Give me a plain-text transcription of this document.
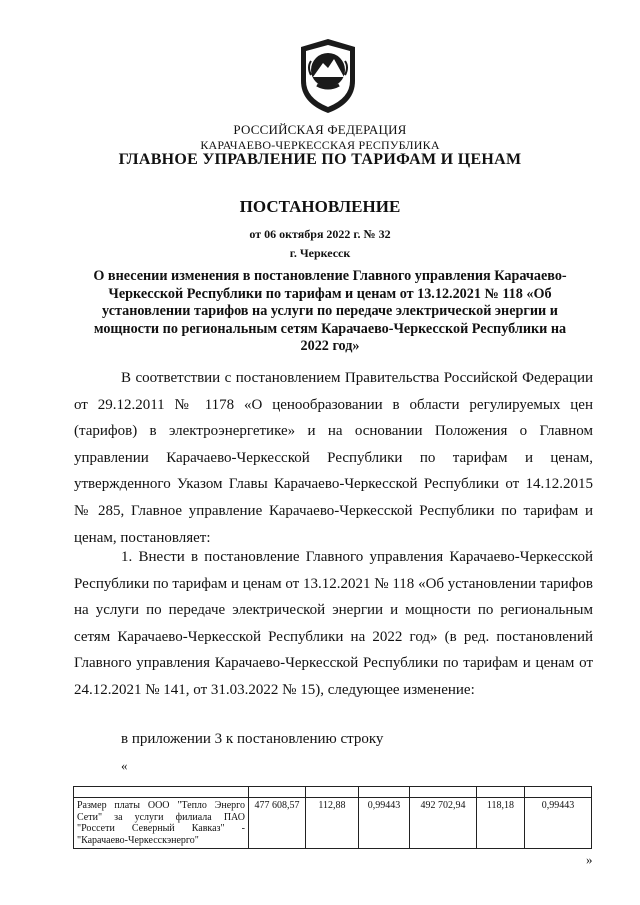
РОССИЙСКАЯ ФЕДЕРАЦИЯ
КАРАЧАЕВО-ЧЕРКЕССКАЯ РЕСПУБЛИКА
ГЛАВНОЕ УПРАВЛЕНИЕ ПО ТАРИФАМ И ЦЕНАМ
ПОСТАНОВЛЕНИЕ
от 06 октября 2022 г. № 32
г. Черкесск
О внесении изменения в постановление Главного управления Карачаево-Черкесской Республики по тарифам и ценам от 13.12.2021 № 118 «Об установлении тарифов на услуги по передаче электрической энергии и мощности по региональным сетям Карачаево-Черкесской Республики на 2022 год»
В соответствии с постановлением Правительства Российской Федерации от 29.12.2011 № 1178 «О ценообразовании в области регулируемых цен (тарифов) в электроэнергетике» и на основании Положения о Главном управлении Карачаево-Черкесской Республики по тарифам и ценам, утвержденного Указом Главы Карачаево-Черкесской Республики от 14.12.2015 № 285, Главное управление Карачаево-Черкесской Республики по тарифам и ценам, постановляет:
1. Внести в постановление Главного управления Карачаево-Черкесской Республики по тарифам и ценам от 13.12.2021 № 118 «Об установлении тарифов на услуги по передаче электрической энергии и мощности по региональным сетям Карачаево-Черкесской Республики на 2022 год» (в ред. постановлений Главного управления Карачаево-Черкесской Республики по тарифам и ценам от 24.12.2021 № 141, от 31.03.2022 № 15), следующее изменение:
в приложении 3 к постановлению строку
«

Размер платы ООО "Тепло Энерго Сети" за услуги филиала ПАО "Россети Северный Кавказ" - "Карачаево-Черкесскэнерго"	477 608,57	112,88	0,99443	492 702,94	118,18	0,99443
»
